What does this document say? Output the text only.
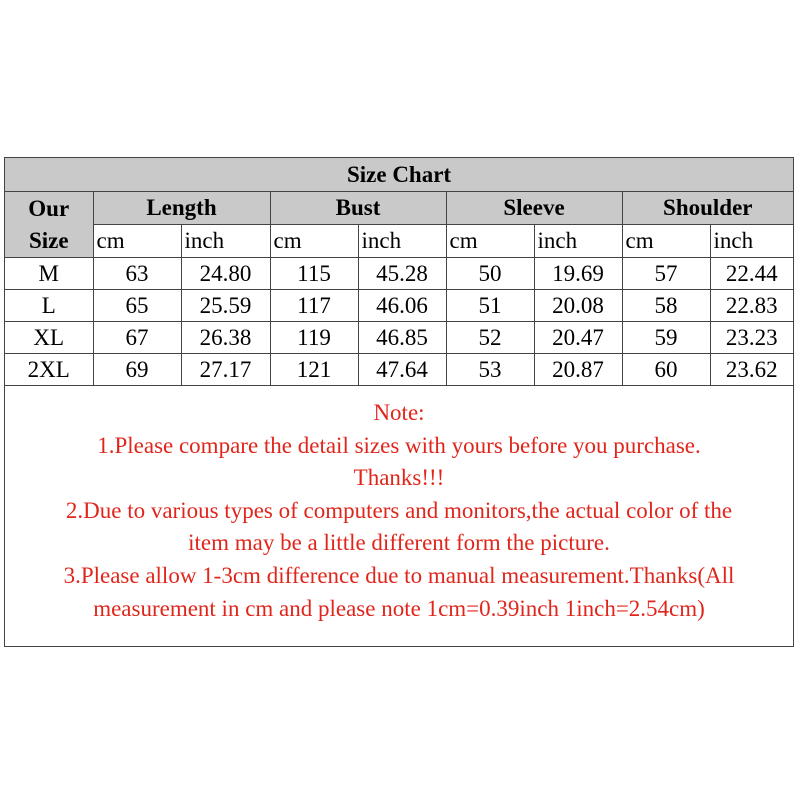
Size Chart								

Our
Size	Length		Bust		Sleeve		Shoulder	
	cm	inch	cm	inch	cm	inch	cm	inch
M	63	24.80	115	45.28	50	19.69	57	22.44
L	65	25.59	117	46.06	51	20.08	58	22.83
XL	67	26.38	119	46.85	52	20.47	59	23.23
2XL	69	27.17	121	47.64	53	20.87	60	23.62
Note:
1.Please compare the detail sizes with yours before you purchase.
Thanks!!!
2.Due to various types of computers and monitors,the actual color of the
item may be a little different form the picture.
3.Please allow 1-3cm difference due to manual measurement.Thanks(All
measurement in cm and please note 1cm=0.39inch 1inch=2.54cm)
